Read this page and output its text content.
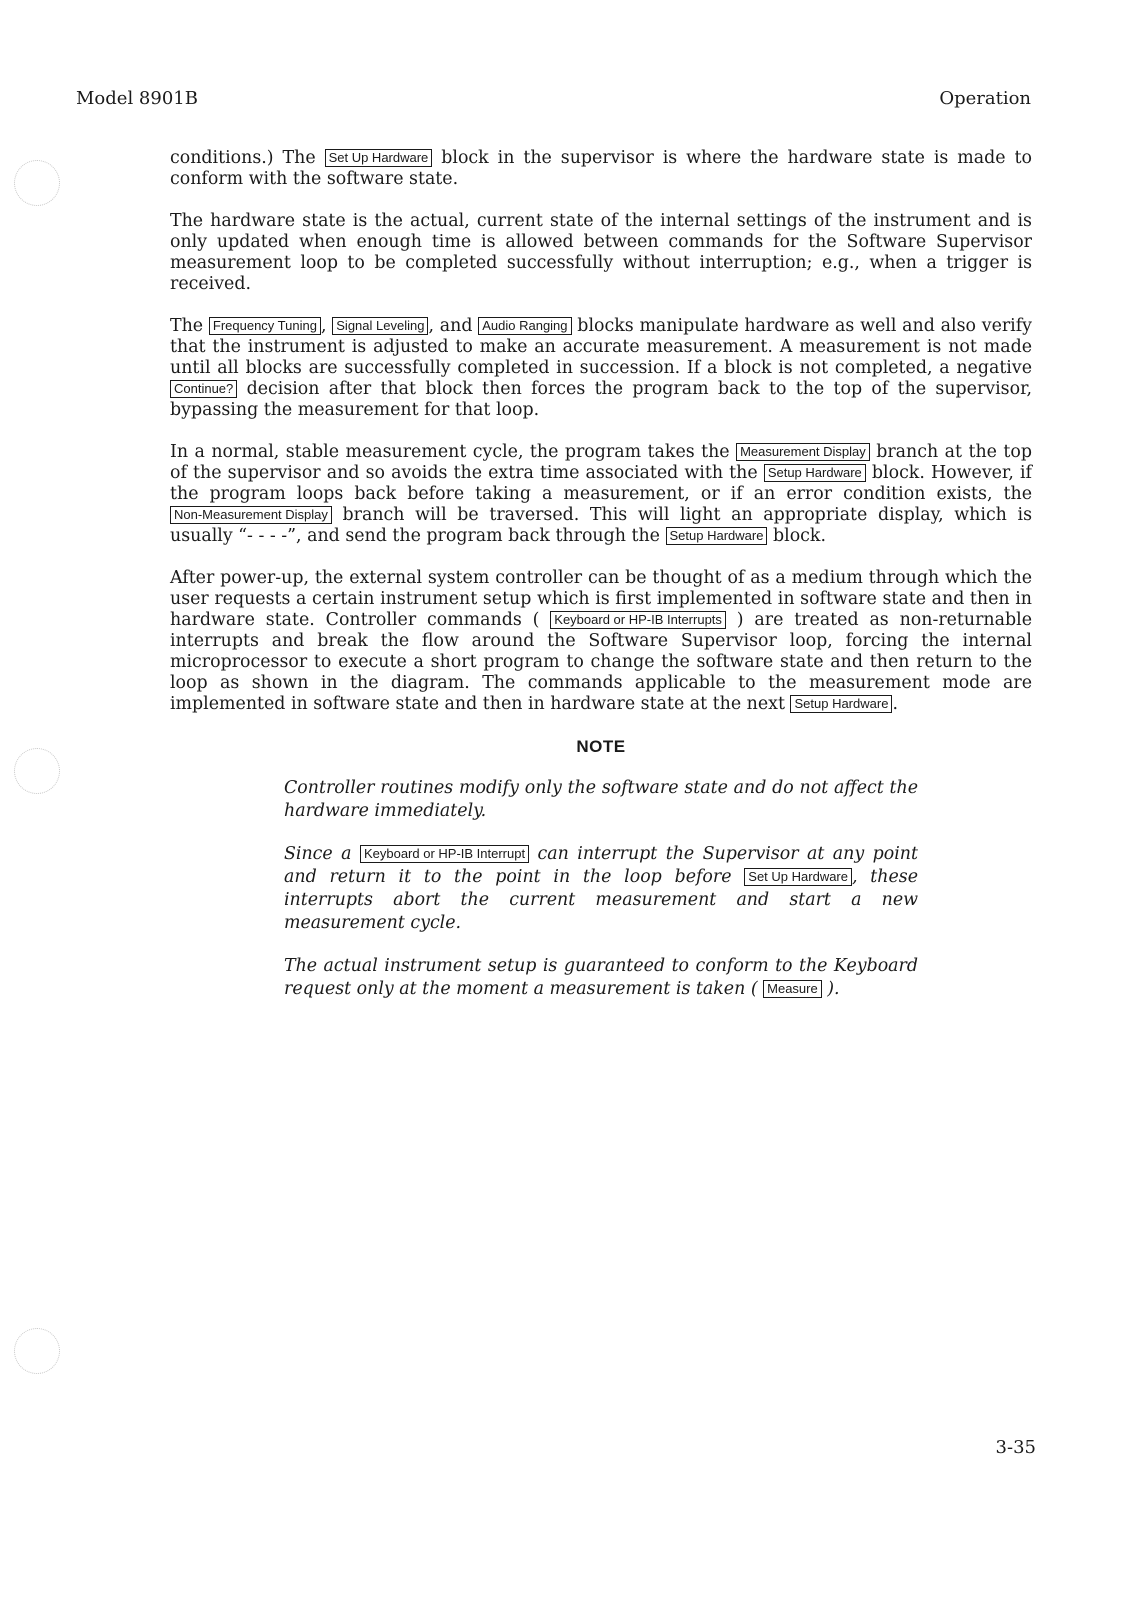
Model 8901B	Operation

conditions.) The Set Up Hardware block in the supervisor is where the hardware state is made to conform with the software state.

The hardware state is the actual, current state of the internal settings of the instrument and is only updated when enough time is allowed between commands for the Software Supervisor measurement loop to be completed successfully without interruption; e.g., when a trigger is received.

The Frequency Tuning , Signal Leveling , and Audio Ranging blocks manipulate hardware as well and also verify that the instrument is adjusted to make an accurate measurement. A measurement is not made until all blocks are successfully completed in succession. If a block is not completed, a negative Continue? decision after that block then forces the program back to the top of the supervisor, bypassing the measurement for that loop.

In a normal, stable measurement cycle, the program takes the Measurement Display branch at the top of the supervisor and so avoids the extra time associated with the Setup Hardware block. However, if the program loops back before taking a measurement, or if an error condition exists, the Non-Measurement Display branch will be traversed. This will light an appropriate display, which is usually “- - - -”, and send the program back through the Setup Hardware block.

After power-up, the external system controller can be thought of as a medium through which the user requests a certain instrument setup which is first implemented in software state and then in hardware state. Controller commands ( Keyboard or HP-IB Interrupts ) are treated as non-returnable interrupts and break the flow around the Software Supervisor loop, forcing the internal microprocessor to execute a short program to change the software state and then return to the loop as shown in the diagram. The commands applicable to the measurement mode are implemented in software state and then in hardware state at the next Setup Hardware .

NOTE

Controller routines modify only the software state and do not affect the hardware immediately.

Since a Keyboard or HP-IB Interrupt can interrupt the Supervisor at any point and return it to the point in the loop before Set Up Hardware , these interrupts abort the current measurement and start a new measurement cycle.

The actual instrument setup is guaranteed to conform to the Keyboard request only at the moment a measurement is taken ( Measure ).

3-35
